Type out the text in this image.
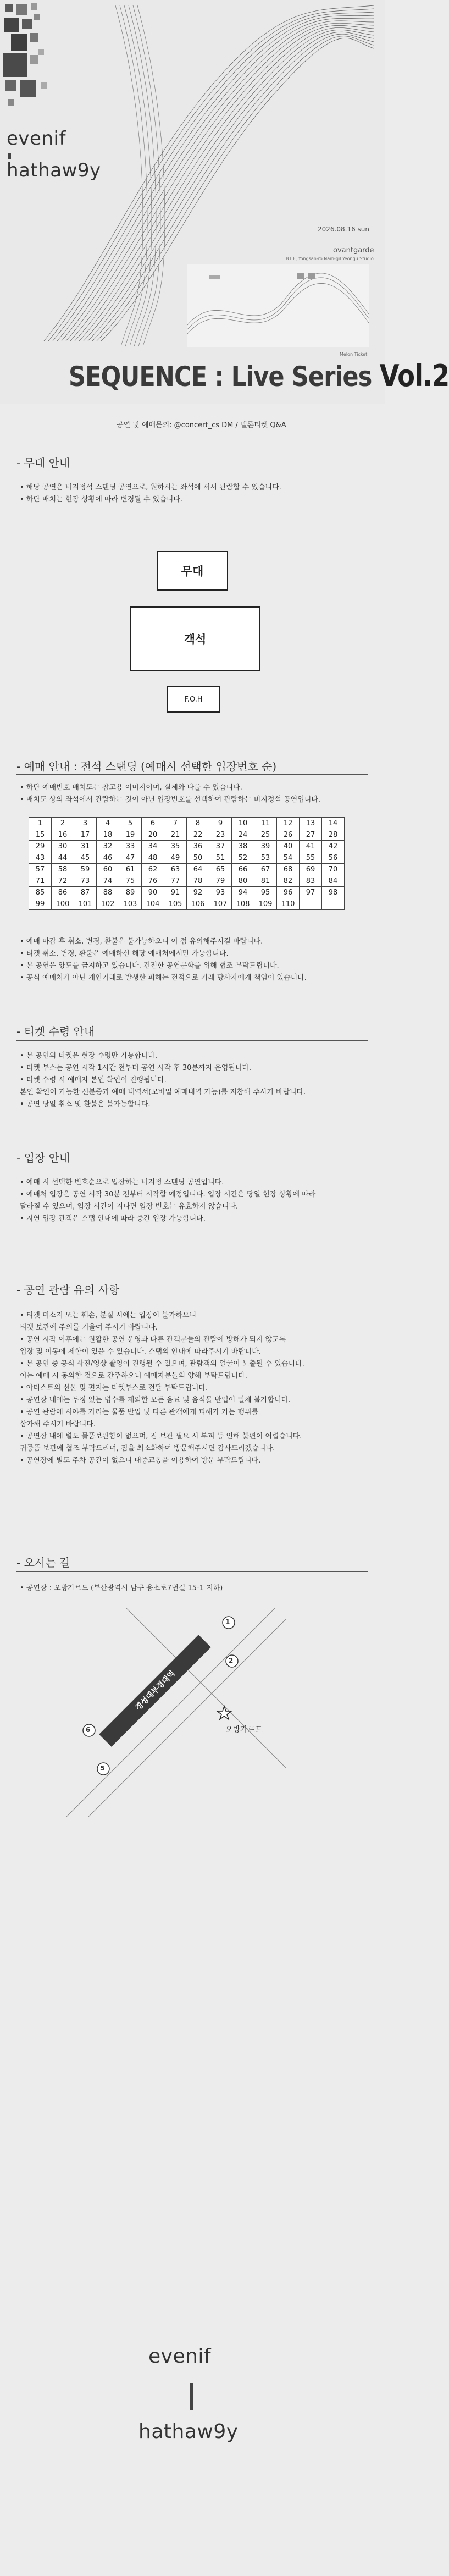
evenif
hathaw9y
2026.08.16 sun
ovantgarde
B1 F, Yongsan-ro Nam-gil Yeongu Studio
Melon Ticket
SEQUENCE : Live Series Vol.2
공연 및 예매문의: @concert_cs DM / 멜론티켓 Q&A
- 무대 안내
• 해당 공연은 비지정석 스탠딩 공연으로, 원하시는 좌석에 서서 관람할 수 있습니다.
• 하단 배치는 현장 상황에 따라 변경될 수 있습니다.
무대
객석
F.O.H
- 예매 안내 : 전석 스탠딩 (예매시 선택한 입장번호 순)
• 하단 예매번호 배치도는 참고용 이미지이며, 실제와 다를 수 있습니다.
• 배치도 상의 좌석에서 관람하는 것이 아닌 입장번호를 선택하여 관람하는 비지정석 공연입니다.
1	2	3	4	5	6	7	8	9	10	11	12	13	14
15	16	17	18	19	20	21	22	23	24	25	26	27	28
29	30	31	32	33	34	35	36	37	38	39	40	41	42
43	44	45	46	47	48	49	50	51	52	53	54	55	56
57	58	59	60	61	62	63	64	65	66	67	68	69	70
71	72	73	74	75	76	77	78	79	80	81	82	83	84
85	86	87	88	89	90	91	92	93	94	95	96	97	98
99	100	101	102	103	104	105	106	107	108	109	110		
• 예매 마감 후 취소, 변경, 환불은 불가능하오니 이 점 유의해주시길 바랍니다.
• 티켓 취소, 변경, 환불은 예매하신 해당 예매처에서만 가능합니다.
• 본 공연은 양도를 금지하고 있습니다. 건전한 공연문화를 위해 협조 부탁드립니다.
• 공식 예매처가 아닌 개인거래로 발생한 피해는 전적으로 거래 당사자에게 책임이 있습니다.
- 티켓 수령 안내
• 본 공연의 티켓은 현장 수령만 가능합니다.
• 티켓 부스는 공연 시작 1시간 전부터 공연 시작 후 30분까지 운영됩니다.
• 티켓 수령 시 예매자 본인 확인이 진행됩니다.
본인 확인이 가능한 신분증과 예매 내역서(모바일 예매내역 가능)를 지참해 주시기 바랍니다.
• 공연 당일 취소 및 환불은 불가능합니다.
- 입장 안내
• 예매 시 선택한 번호순으로 입장하는 비지정 스탠딩 공연입니다.
• 예매처 입장은 공연 시작 30분 전부터 시작할 예정입니다. 입장 시간은 당일 현장 상황에 따라
달라질 수 있으며, 입장 시간이 지나면 입장 번호는 유효하지 않습니다.
• 지연 입장 관객은 스탭 안내에 따라 중간 입장 가능합니다.
- 공연 관람 유의 사항
• 티켓 미소지 또는 훼손, 분실 시에는 입장이 불가하오니
티켓 보관에 주의를 기울여 주시기 바랍니다.
• 공연 시작 이후에는 원활한 공연 운영과 다른 관객분들의 관람에 방해가 되지 않도록
입장 및 이동에 제한이 있을 수 있습니다. 스탭의 안내에 따라주시기 바랍니다.
• 본 공연 중 공식 사진/영상 촬영이 진행될 수 있으며, 관람객의 얼굴이 노출될 수 있습니다.
이는 예매 시 동의한 것으로 간주하오니 예매자분들의 양해 부탁드립니다.
• 아티스트의 선물 및 편지는 티켓부스로 전달 부탁드립니다.
• 공연장 내에는 무정 있는 병수를 제외한 모든 음료 및 음식물 반입이 일체 불가합니다.
• 공연 관람에 시야를 가리는 물품 반입 및 다른 관객에게 피해가 가는 행위를
삼가해 주시기 바랍니다.
• 공연장 내에 별도 물품보관함이 없으며, 짐 보관 필요 시 부피 등 인해 불편이 어렵습니다.
귀중품 보관에 협조 부탁드리며, 짐을 최소화하여 방문해주시면 감사드리겠습니다.
• 공연장에 별도 주차 공간이 없으니 대중교통을 이용하여 방문 부탁드립니다.
- 오시는 길
• 공연장 : 오방가르드 (부산광역시 남구 용소로7번길 15-1 지하)
경성대부경대역
1
2
5
6	오방가르드
evenif
hathaw9y
